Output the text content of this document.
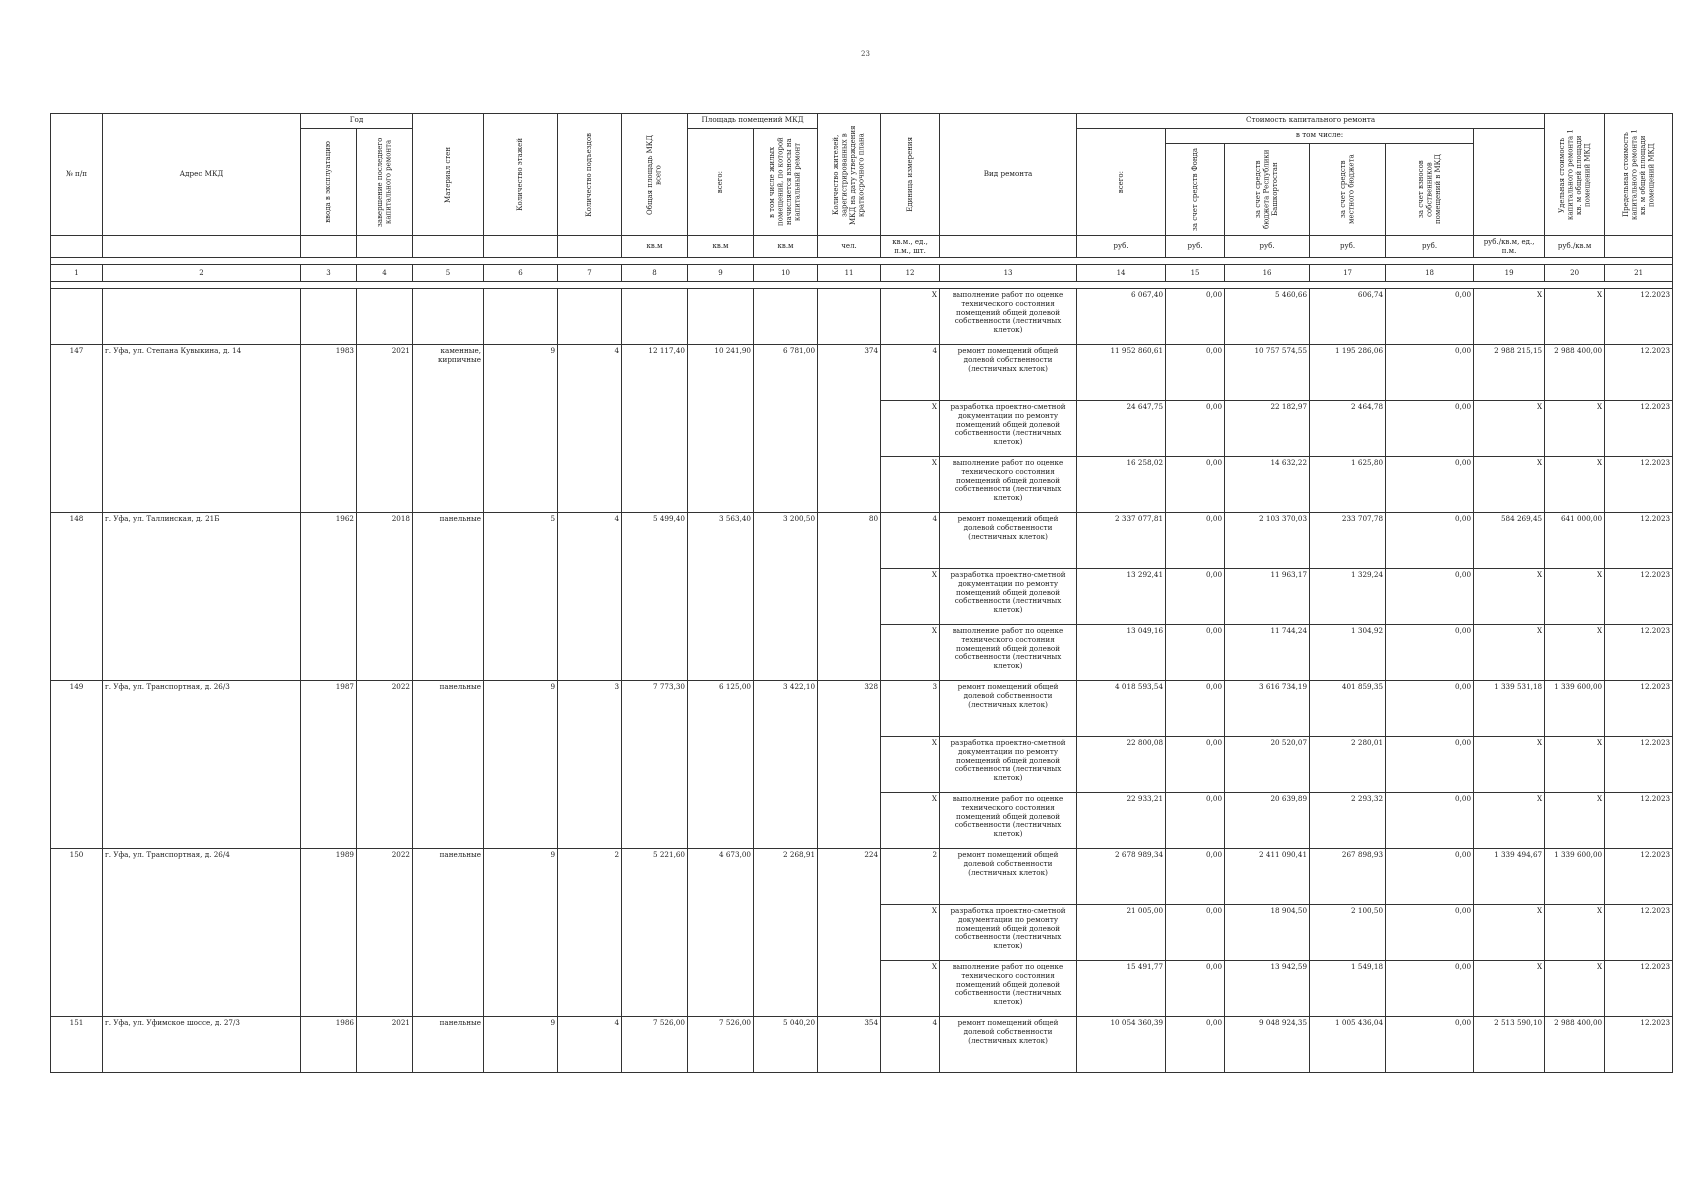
23
№ п/п	Адрес МКД	Год		Материал стен	Количество этажей	Количество подъездов	Общая площадь МКД всего	Площадь помещений МКД		Количество жителей, зарегистрированных в МКД на дату утверждения краткосрочного плана	Единица измерения	Вид ремонта	Стоимость капитального ремонта						Удельная стоимость капитального ремонта 1 кв. м общей площади помещений МКД	Предельная стоимость капитального ремонта 1 кв. м общей площади помещений МКД

		ввода в эксплуатацию	завершение последнего капитального ремонта					всего:	в том числе жилых помещений, по которой начисляется взносы на капитальный ремонт				всего:	в том числе:							

														за счет средств Фонда	за счет средств бюджета Республики Башкортостан	за счет средств местного бюджета	за счет взносов собственников помещений в МКД				

							кв.м	кв.м	кв.м	чел.	кв.м., ед., п.м., шт.		руб.	руб.	руб.	руб.	руб.	руб./кв.м, ед., п.м.	руб./кв.м		

1	2	3	4	5	6	7	8	9	10	11	12	13	14	15	16	17	18	19	20	21	

											X	выполнение работ по оценке технического состояния помещений общей долевой собственности (лестничных клеток)	6 067,40	0,00	5 460,66	606,74	0,00	X	X	12.2023	
147	г. Уфа, ул. Степана Кувыкина, д. 14	1983	2021	каменные, кирпичные	9	4	12 117,40	10 241,90	6 781,00	374	4	ремонт помещений общей долевой собственности (лестничных клеток)	11 952 860,61	0,00	10 757 574,55	1 195 286,06	0,00	2 988 215,15	2 988 400,00	12.2023	
											X	разработка проектно-сметной документации по ремонту помещений общей долевой собственности (лестничных клеток)	24 647,75	0,00	22 182,97	2 464,78	0,00	X	X	12.2023	
											X	выполнение работ по оценке технического состояния помещений общей долевой собственности (лестничных клеток)	16 258,02	0,00	14 632,22	1 625,80	0,00	X	X	12.2023	
148	г. Уфа, ул. Таллинская, д. 21Б	1962	2018	панельные	5	4	5 499,40	3 563,40	3 200,50	80	4	ремонт помещений общей долевой собственности (лестничных клеток)	2 337 077,81	0,00	2 103 370,03	233 707,78	0,00	584 269,45	641 000,00	12.2023	
											X	разработка проектно-сметной документации по ремонту помещений общей долевой собственности (лестничных клеток)	13 292,41	0,00	11 963,17	1 329,24	0,00	X	X	12.2023	
											X	выполнение работ по оценке технического состояния помещений общей долевой собственности (лестничных клеток)	13 049,16	0,00	11 744,24	1 304,92	0,00	X	X	12.2023	
149	г. Уфа, ул. Транспортная, д. 26/3	1987	2022	панельные	9	3	7 773,30	6 125,00	3 422,10	328	3	ремонт помещений общей долевой собственности (лестничных клеток)	4 018 593,54	0,00	3 616 734,19	401 859,35	0,00	1 339 531,18	1 339 600,00	12.2023	
											X	разработка проектно-сметной документации по ремонту помещений общей долевой собственности (лестничных клеток)	22 800,08	0,00	20 520,07	2 280,01	0,00	X	X	12.2023	
											X	выполнение работ по оценке технического состояния помещений общей долевой собственности (лестничных клеток)	22 933,21	0,00	20 639,89	2 293,32	0,00	X	X	12.2023	
150	г. Уфа, ул. Транспортная, д. 26/4	1989	2022	панельные	9	2	5 221,60	4 673,00	2 268,91	224	2	ремонт помещений общей долевой собственности (лестничных клеток)	2 678 989,34	0,00	2 411 090,41	267 898,93	0,00	1 339 494,67	1 339 600,00	12.2023	
											X	разработка проектно-сметной документации по ремонту помещений общей долевой собственности (лестничных клеток)	21 005,00	0,00	18 904,50	2 100,50	0,00	X	X	12.2023	
											X	выполнение работ по оценке технического состояния помещений общей долевой собственности (лестничных клеток)	15 491,77	0,00	13 942,59	1 549,18	0,00	X	X	12.2023	
151	г. Уфа, ул. Уфимское шоссе, д. 27/3	1986	2021	панельные	9	4	7 526,00	7 526,00	5 040,20	354	4	ремонт помещений общей долевой собственности (лестничных клеток)	10 054 360,39	0,00	9 048 924,35	1 005 436,04	0,00	2 513 590,10	2 988 400,00	12.2023	
